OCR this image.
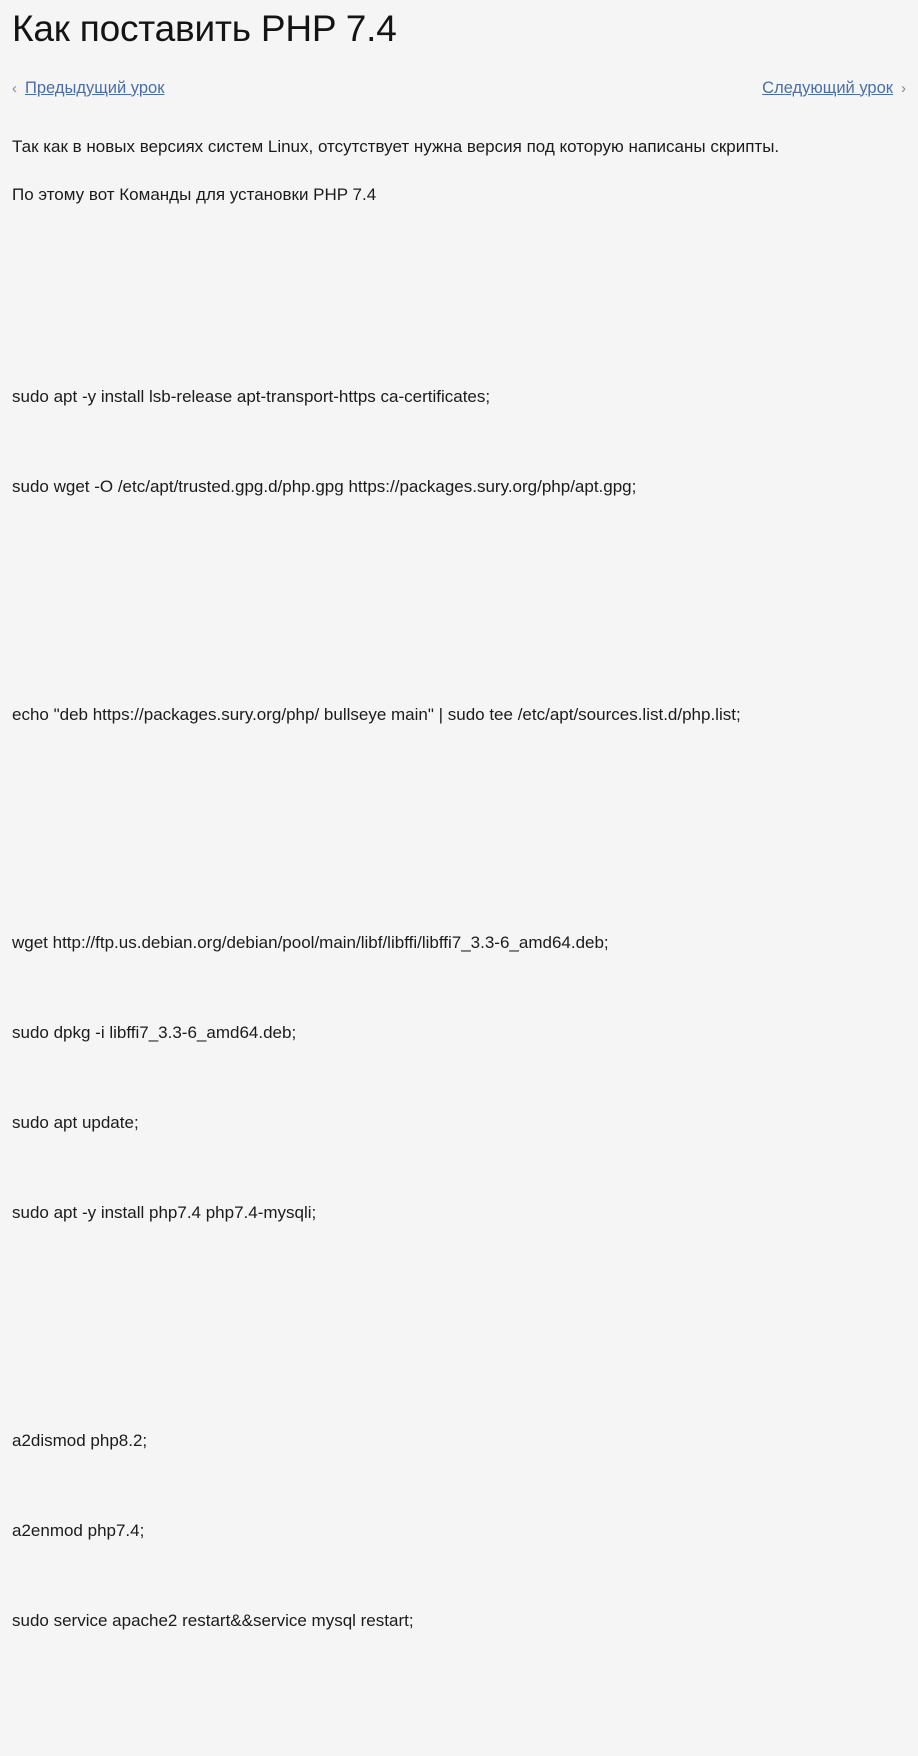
Как поставить PHP 7.4
‹ Предыдущий урок	Следующий урок ›

Так как в новых версиях систем Linux, отсутствует нужна версия под которую написаны скрипты.

По этому вот Команды для установки PHP 7.4

sudo apt -y install lsb-release apt-transport-https ca-certificates;

sudo wget -O /etc/apt/trusted.gpg.d/php.gpg https://packages.sury.org/php/apt.gpg;

echo "deb https://packages.sury.org/php/ bullseye main" | sudo tee /etc/apt/sources.list.d/php.list;

wget http://ftp.us.debian.org/debian/pool/main/libf/libffi/libffi7_3.3-6_amd64.deb;

sudo dpkg -i libffi7_3.3-6_amd64.deb;

sudo apt update;

sudo apt -y install php7.4 php7.4-mysqli;

a2dismod php8.2;

a2enmod php7.4;

sudo service apache2 restart&&service mysql restart;
